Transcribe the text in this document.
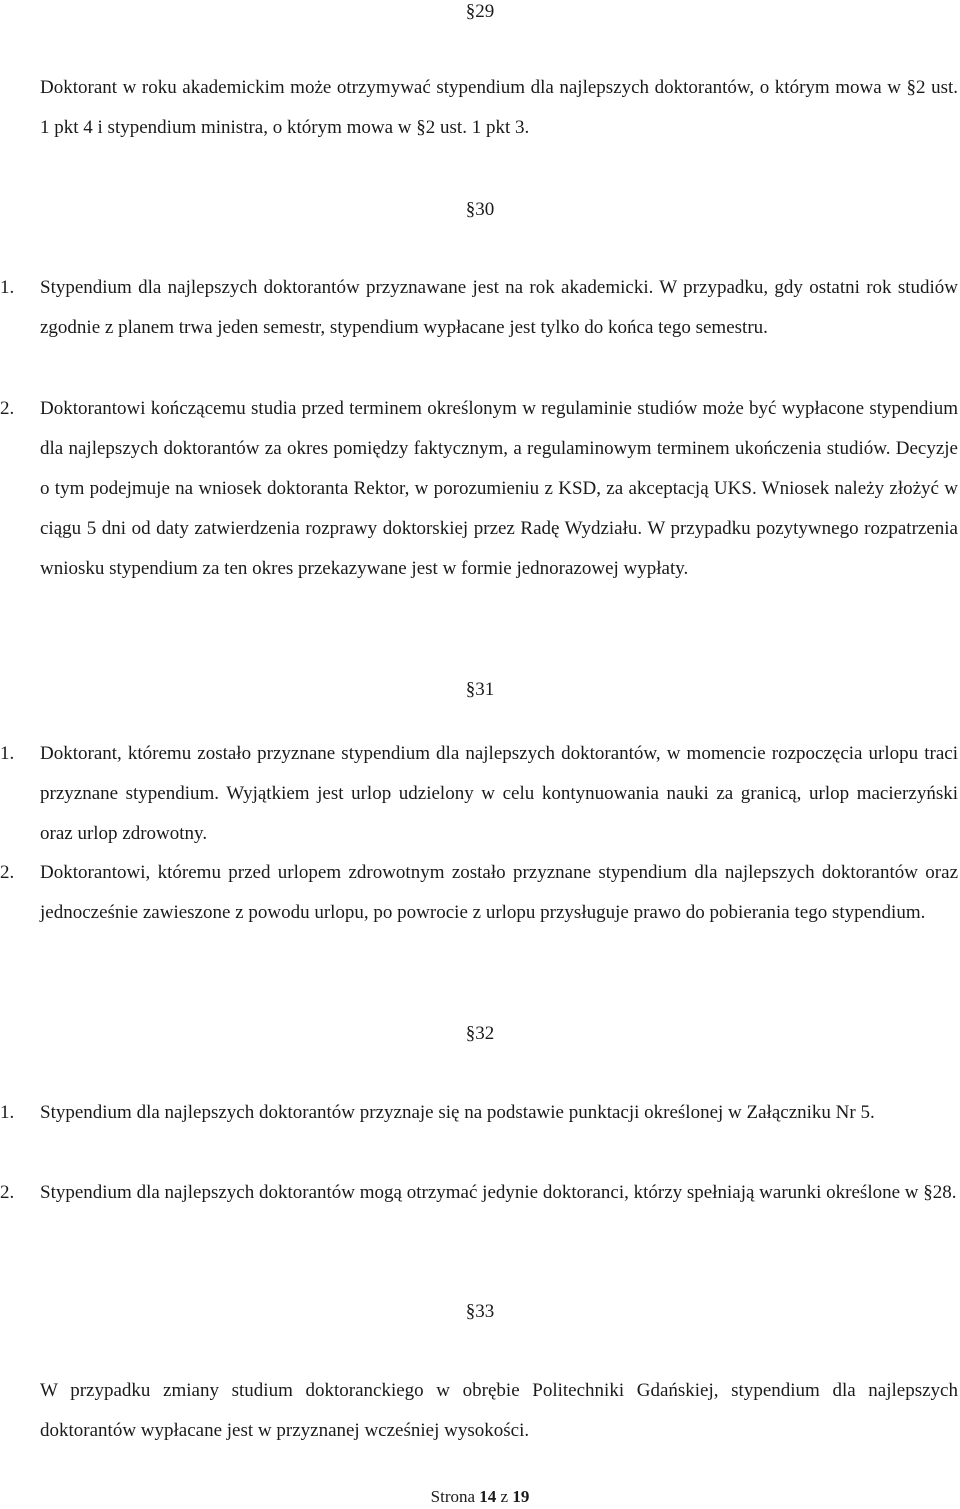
§29
Doktorant w roku akademickim może otrzymywać stypendium dla najlepszych doktorantów, o którym mowa w §2 ust. 1 pkt 4 i stypendium ministra, o którym mowa w §2 ust. 1 pkt 3.
§30
1.	Stypendium dla najlepszych doktorantów przyznawane jest na rok akademicki. W przypadku, gdy ostatni rok studiów zgodnie z planem trwa jeden semestr, stypendium wypłacane jest tylko do końca tego semestru.
2.	Doktorantowi kończącemu studia przed terminem określonym w regulaminie studiów może być wypłacone stypendium dla najlepszych doktorantów za okres pomiędzy faktycznym, a regulaminowym terminem ukończenia studiów. Decyzje o tym podejmuje na wniosek doktoranta Rektor, w porozumieniu z KSD, za akceptacją UKS. Wniosek należy złożyć w ciągu 5 dni od daty zatwierdzenia rozprawy doktorskiej przez Radę Wydziału. W przypadku pozytywnego rozpatrzenia wniosku stypendium za ten okres przekazywane jest w formie jednorazowej wypłaty.
§31
1.	Doktorant, któremu zostało przyznane stypendium dla najlepszych doktorantów, w momencie rozpoczęcia urlopu traci przyznane stypendium. Wyjątkiem jest urlop udzielony w celu kontynuowania nauki za granicą, urlop macierzyński oraz urlop zdrowotny.
2.	Doktorantowi, któremu przed urlopem zdrowotnym zostało przyznane stypendium dla najlepszych doktorantów oraz jednocześnie zawieszone z powodu urlopu, po powrocie z urlopu przysługuje prawo do pobierania tego stypendium.
§32
1.	Stypendium dla najlepszych doktorantów przyznaje się na podstawie punktacji określonej w Załączniku Nr 5.
2.	Stypendium dla najlepszych doktorantów mogą otrzymać jedynie doktoranci, którzy spełniają warunki określone w §28.
§33
W przypadku zmiany studium doktoranckiego w obrębie Politechniki Gdańskiej, stypendium dla najlepszych doktorantów wypłacane jest w przyznanej wcześniej wysokości.
Strona 14 z 19
